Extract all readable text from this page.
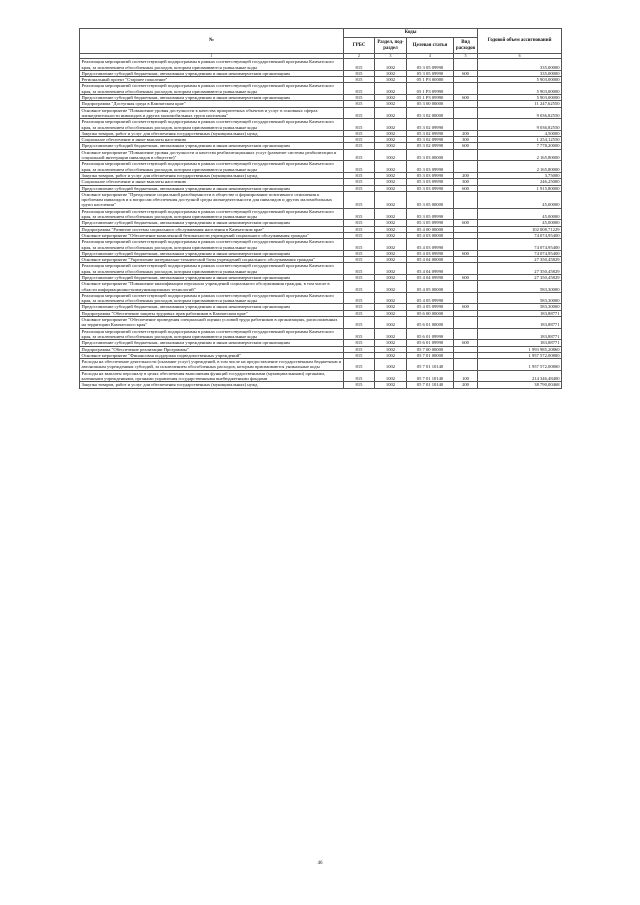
№	Коды				Годовой объем ассигнований	
	ГРБС	Раздел, под-раздел	Целевая статья	Вид расходов		
1	2	3	4	5	6	
Реализация мероприятий соответствующей подпрограммы в рамках соответствующей государственной программы Камчатского края, за исключением обособленных расходов, которым присваиваются уникальные коды	815	1002	05 3 05 09990		335,00000	
Предоставление субсидий бюджетным, автономным учреждениям и иным некоммерческим организациям	815	1002	05 3 05 09990	600	335,00000	
Региональный проект "Старшее поколение"	815	1002	05 1 P3 00000		5 903,00000	
Реализация мероприятий соответствующей подпрограммы в рамках соответствующей государственной программы Камчатского края, за исключением обособленных расходов, которым присваиваются уникальные коды	815	1002	05 1 P3 09990		5 903,00000	
Предоставление субсидий бюджетным, автономным учреждениям и иным некоммерческим организациям	815	1002	05 1 P3 09990	600	5 903,00000	
Подпрограмма "Доступная среда в Камчатском крае"	815	1002	05 3 00 00000		11 247,62550	
Основное мероприятие "Повышение уровня доступности к качества приоритетных объектов и услуг в основных сферах жизнедеятельности инвалидов и других маломобильных групп населения"	815	1002	05 3 02 00000		9 036,82550	
Реализация мероприятий соответствующей подпрограммы в рамках соответствующей государственной программы Камчатского края, за исключением обособленных расходов, которым присваиваются уникальные коды	815	1002	05 3 02 09990		9 036,82550	
Закупка товаров, работ и услуг для обеспечения государственных (муниципальных) нужд	815	1002	05 3 02 09990	200	4,50000	
Социальное обеспечение и иные выплаты населению	815	1002	05 3 02 09990	300	1 254,12550	
Предоставление субсидий бюджетным, автономным учреждениям и иным некоммерческим организациям	815	1002	05 3 02 09990	600	7 778,20000	
Основное мероприятие "Повышение уровня доступности и качества реабилитационных услуг (развитие системы реабилитации и социальной интеграции инвалидов в обществе)"	815	1002	05 3 03 00000		2 165,80000	
Реализация мероприятий соответствующей подпрограммы в рамках соответствующей государственной программы Камчатского края, за исключением обособленных расходов, которым присваиваются уникальные коды	815	1002	05 3 03 09990		2 165,80000	
Закупка товаров, работ и услуг для обеспечения государственных (муниципальных) нужд	815	1002	05 3 03 09990	200	3,75000	
Социальное обеспечение и иные выплаты населению	815	1002	05 3 03 09990	300	246,25000	
Предоставление субсидий бюджетным, автономным учреждениям и иным некоммерческим организациям	815	1002	05 3 03 09990	600	1 915,80000	
Основное мероприятие "Преодоление социальной разобщенности в обществе и формирование позитивного отношения к проблемам инвалидов и к вопросам обеспечения доступной среды жизнедеятельности для инвалидов и других маломобильных групп населения"	815	1002	05 3 05 00000		45,00000	
Реализация мероприятий соответствующей подпрограммы в рамках соответствующей государственной программы Камчатского края, за исключением обособленных расходов, которым присваиваются уникальные коды	815	1002	05 3 05 09990		45,00000	
Предоставление субсидий бюджетным, автономным учреждениям и иным некоммерческим организациям	815	1002	05 3 05 09990	600	45,00000	
Подпрограмма "Развитие системы социального обслуживания населения в Камчатском крае"	815	1002	05 4 00 00000		102 008,71229	
Основное мероприятие "Обеспечение комплексной безопасности учреждений социального обслуживания граждан"	815	1002	05 4 03 00000		74 074,95400	
Реализация мероприятий соответствующей подпрограммы в рамках соответствующей государственной программы Камчатского края, за исключением обособленных расходов, которым присваиваются уникальные коды	815	1002	05 4 03 09990		74 074,95400	
Предоставление субсидий бюджетным, автономным учреждениям и иным некоммерческим организациям	815	1002	05 4 03 09990	600	74 074,95400	
Основное мероприятие "Укрепление материально-технической базы учреждений социального обслуживания граждан"	815	1002	05 4 04 00000		27 350,45829	
Реализация мероприятий соответствующей подпрограммы в рамках соответствующей государственной программы Камчатского края, за исключением обособленных расходов, которым присваиваются уникальные коды	815	1002	05 4 04 09990		27 350,45829	
Предоставление субсидий бюджетным, автономным учреждениям и иным некоммерческим организациям	815	1002	05 4 04 09990	600	27 350,45829	
Основное мероприятие "Повышение квалификации персонала учреждений социального обслуживания граждан, в том числе в области информационно-коммуникационных технологий"	815	1002	05 4 05 00000		583,30000	
Реализация мероприятий соответствующей подпрограммы в рамках соответствующей государственной программы Камчатского края, за исключением обособленных расходов, которым присваиваются уникальные коды	815	1002	05 4 05 09990		583,30000	
Предоставление субсидий бюджетным, автономным учреждениям и иным некоммерческим организациям	815	1002	05 4 05 09990	600	583,30000	
Подпрограмма "Обеспечение защиты трудовых прав работников в Камчатском крае"	815	1002	05 6 00 00000		183,88771	
Основное мероприятие "Обеспечение проведения специальной оценки условий труда работников в организациях, расположенных на территории Камчатского края"	815	1002	05 6 01 00000		183,88771	
Реализация мероприятий соответствующей подпрограммы в рамках соответствующей государственной программы Камчатского края, за исключением обособленных расходов, которым присваиваются уникальные коды	815	1002	05 6 01 09990		183,88771	
Предоставление субсидий бюджетным, автономным учреждениям и иным некоммерческим организациям	815	1002	05 6 01 09990	600	183,88771	
Подпрограмма "Обеспечение реализации Программы"	815	1002	05 7 00 00000		1 993 985,20860	
Основное мероприятие "Финансовая поддержка подведомственных учреждений"	815	1002	05 7 01 00000		1 957 572,00800	
Расходы на обеспечение деятельности (оказание услуг) учреждений, в том числе на предоставление государственным бюджетным и автономным учреждениям субсидий, за исключением обособленных расходов, которым присваиваются уникальные коды	815	1002	05 7 01 10140		1 957 572,00800	
Расходы на выплаты персоналу в целях обеспечения выполнения функций государственными (муниципальными) органами, казенными учреждениями, органами управления государственными внебюджетными фондами	815	1002	05 7 01 10140	100	214 346,48400	
Закупка товаров, работ и услуг для обеспечения государственных (муниципальных) нужд	815	1002	05 7 01 10140	200	38 790,00468	
46
